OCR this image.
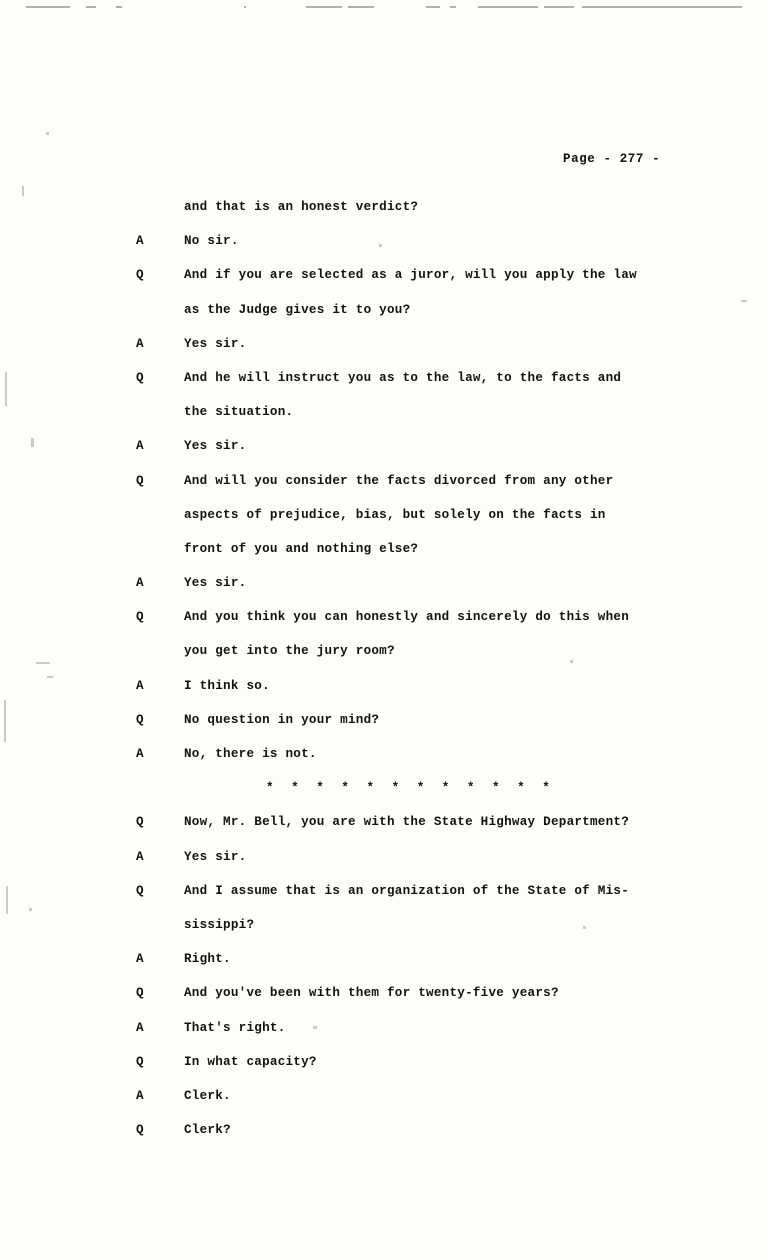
Page - 277 -
and that is an honest verdict?
A	No sir.
Q	And if you are selected as a juror, will you apply the law
as the Judge gives it to you?
A	Yes sir.
Q	And he will instruct you as to the law, to the facts and
the situation.
A	Yes sir.
Q	And will you consider the facts divorced from any other
aspects of prejudice, bias, but solely on the facts in
front of you and nothing else?
A	Yes sir.
Q	And you think you can honestly and sincerely do this when
you get into the jury room?
A	I think so.
Q	No question in your mind?
A	No, there is not.
* * * * * * * * * * * *
Q	Now, Mr. Bell, you are with the State Highway Department?
A	Yes sir.
Q	And I assume that is an organization of the State of Mis-
sissippi?
A	Right.
Q	And you've been with them for twenty-five years?
A	That's right.
Q	In what capacity?
A	Clerk.
Q	Clerk?
